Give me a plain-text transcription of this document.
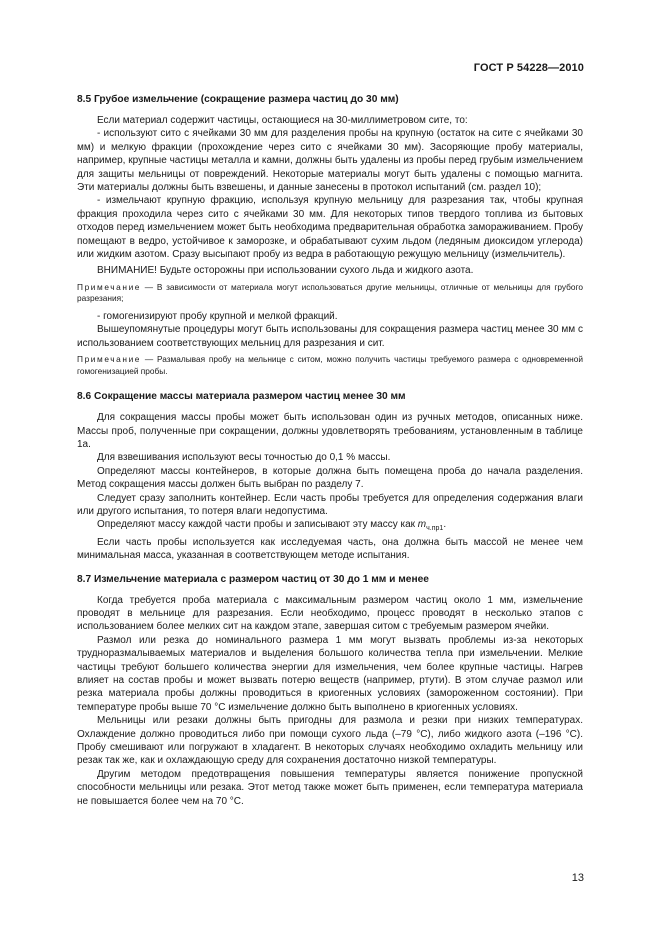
ГОСТ Р 54228—2010
8.5 Грубое измельчение (сокращение размера частиц до 30 мм)

Если материал содержит частицы, остающиеся на 30-миллиметровом сите, то:

- используют сито с ячейками 30 мм для разделения пробы на крупную (остаток на сите с ячейками 30 мм) и мелкую фракции (прохождение через сито с ячейками 30 мм). Засоряющие пробу материалы, например, крупные частицы металла и камни, должны быть удалены из пробы перед грубым измельчением для защиты мельницы от повреждений. Некоторые материалы могут быть удалены с помощью магнита. Эти материалы должны быть взвешены, и данные занесены в протокол испытаний (см. раздел 10);

- измельчают крупную фракцию, используя крупную мельницу для разрезания так, чтобы крупная фракция проходила через сито с ячейками 30 мм. Для некоторых типов твердого топлива из бытовых отходов перед измельчением может быть необходима предварительная обработка замораживанием. Пробу помещают в ведро, устойчивое к заморозке, и обрабатывают сухим льдом (ледяным диоксидом углерода) или жидким азотом. Сразу высыпают пробу из ведра в работающую режущую мельницу (измельчитель).

ВНИМАНИЕ! Будьте осторожны при использовании сухого льда и жидкого азота.

Примечание — В зависимости от материала могут использоваться другие мельницы, отличные от мельницы для грубого разрезания;

- гомогенизируют пробу крупной и мелкой фракций.

Вышеупомянутые процедуры могут быть использованы для сокращения размера частиц менее 30 мм с использованием соответствующих мельниц для разрезания и сит.

Примечание — Размалывая пробу на мельнице с ситом, можно получить частицы требуемого размера с одновременной гомогенизацией пробы.
8.6 Сокращение массы материала размером частиц менее 30 мм

Для сокращения массы пробы может быть использован один из ручных методов, описанных ниже. Массы проб, полученные при сокращении, должны удовлетворять требованиям, установленным в таблице 1а.

Для взвешивания используют весы точностью до 0,1 % массы.

Определяют массы контейнеров, в которые должна быть помещена проба до начала разделения. Метод сокращения массы должен быть выбран по разделу 7.

Следует сразу заполнить контейнер. Если часть пробы требуется для определения содержания влаги или другого испытания, то потеря влаги недопустима.

Определяют массу каждой части пробы и записывают эту массу как $m_{ч.пр1}$.

Если часть пробы используется как исследуемая часть, она должна быть массой не менее чем минимальная масса, указанная в соответствующем методе испытания.

8.7 Измельчение материала с размером частиц от 30 до 1 мм и менее

Когда требуется проба материала с максимальным размером частиц около 1 мм, измельчение проводят в мельнице для разрезания. Если необходимо, процесс проводят в несколько этапов с использованием более мелких сит на каждом этапе, завершая ситом с требуемым размером ячейки.

Размол или резка до номинального размера 1 мм могут вызвать проблемы из-за некоторых трудноразмалываемых материалов и выделения большого количества тепла при измельчении. Мелкие частицы требуют большего количества энергии для измельчения, чем более крупные частицы. Нагрев влияет на состав пробы и может вызвать потерю веществ (например, ртути). В этом случае размол или резка материала пробы должны проводиться в криогенных условиях (замороженном состоянии). При температуре пробы выше 70 °С измельчение должно быть выполнено в криогенных условиях.

Мельницы или резаки должны быть пригодны для размола и резки при низких температурах. Охлаждение должно проводиться либо при помощи сухого льда (–79 °С), либо жидкого азота (–196 °С). Пробу смешивают или погружают в хладагент. В некоторых случаях необходимо охладить мельницу или резак так же, как и охлаждающую среду для сохранения достаточно низкой температуры.

Другим методом предотвращения повышения температуры является понижение пропускной способности мельницы или резака. Этот метод также может быть применен, если температура материала не повышается более чем на 70 °С.

13
